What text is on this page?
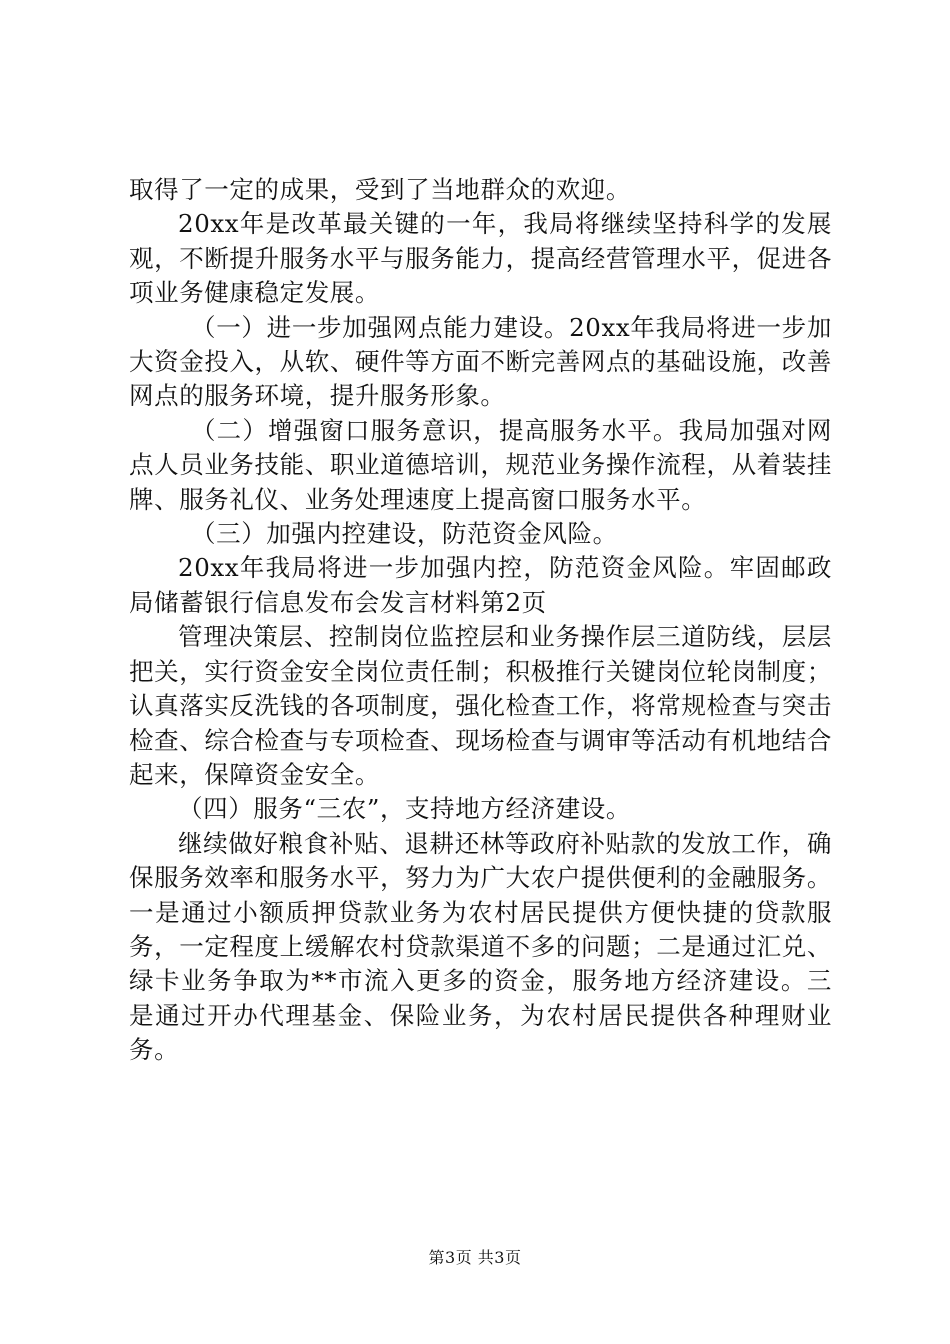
取得了一定的成果，受到了当地群众的欢迎。

20xx年是改革最关键的一年，我局将继续坚持科学的发展观，不断提升服务水平与服务能力，提高经营管理水平，促进各项业务健康稳定发展。

（一）进一步加强网点能力建设。20xx年我局将进一步加大资金投入，从软、硬件等方面不断完善网点的基础设施，改善网点的服务环境，提升服务形象。

（二）增强窗口服务意识，提高服务水平。我局加强对网点人员业务技能、职业道德培训，规范业务操作流程，从着装挂牌、服务礼仪、业务处理速度上提高窗口服务水平。

（三）加强内控建设，防范资金风险。

20xx年我局将进一步加强内控，防范资金风险。牢固邮政局储蓄银行信息发布会发言材料第2页

管理决策层、控制岗位监控层和业务操作层三道防线，层层把关，实行资金安全岗位责任制；积极推行关键岗位轮岗制度；认真落实反洗钱的各项制度，强化检查工作，将常规检查与突击检查、综合检查与专项检查、现场检查与调审等活动有机地结合起来，保障资金安全。

（四）服务“三农”，支持地方经济建设。

继续做好粮食补贴、退耕还林等政府补贴款的发放工作，确保服务效率和服务水平，努力为广大农户提供便利的金融服务。一是通过小额质押贷款业务为农村居民提供方便快捷的贷款服务，一定程度上缓解农村贷款渠道不多的问题；二是通过汇兑、绿卡业务争取为**市流入更多的资金，服务地方经济建设。三是通过开办代理基金、保险业务，为农村居民提供各种理财业务。

第3页 共3页
